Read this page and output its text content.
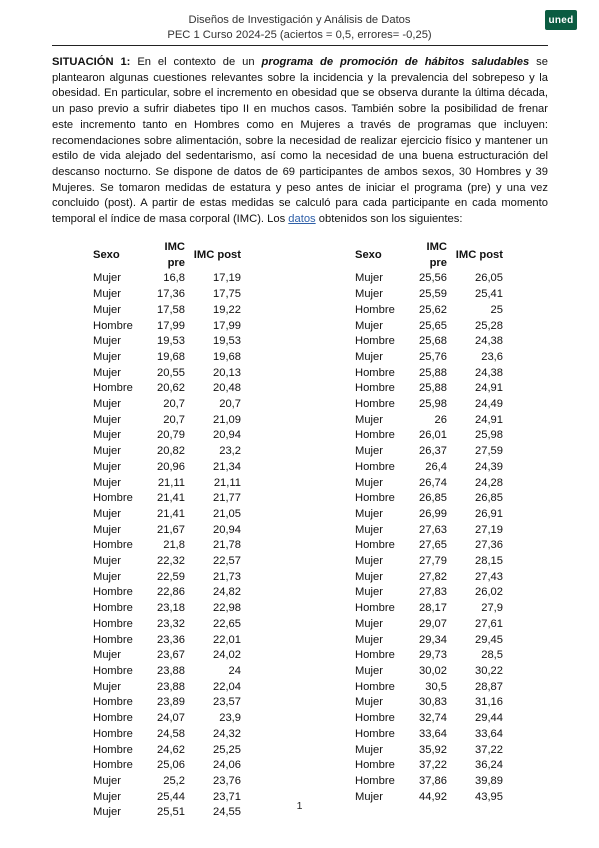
Diseños de Investigación y Análisis de Datos
PEC 1 Curso 2024-25 (aciertos = 0,5, errores= -0,25)
uned
SITUACIÓN 1: En el contexto de un programa de promoción de hábitos saludables se plantearon algunas cuestiones relevantes sobre la incidencia y la prevalencia del sobrepeso y la obesidad. En particular, sobre el incremento en obesidad que se observa durante la última década, un paso previo a sufrir diabetes tipo II en muchos casos. También sobre la posibilidad de frenar este incremento tanto en Hombres como en Mujeres a través de programas que incluyen: recomendaciones sobre alimentación, sobre la necesidad de realizar ejercicio físico y mantener un estilo de vida alejado del sedentarismo, así como la necesidad de una buena estructuración del descanso nocturno. Se dispone de datos de 69 participantes de ambos sexos, 30 Hombres y 39 Mujeres. Se tomaron medidas de estatura y peso antes de iniciar el programa (pre) y una vez concluido (post). A partir de estas medidas se calculó para cada participante en cada momento temporal el índice de masa corporal (IMC). Los datos obtenidos son los siguientes:
Sexo	IMC pre	IMC post
Mujer	16,8	17,19
Mujer	17,36	17,75
Mujer	17,58	19,22
Hombre	17,99	17,99
Mujer	19,53	19,53
Mujer	19,68	19,68
Mujer	20,55	20,13
Hombre	20,62	20,48
Mujer	20,7	20,7
Mujer	20,7	21,09
Mujer	20,79	20,94
Mujer	20,82	23,2
Mujer	20,96	21,34
Mujer	21,11	21,11
Hombre	21,41	21,77
Mujer	21,41	21,05
Mujer	21,67	20,94
Hombre	21,8	21,78
Mujer	22,32	22,57
Mujer	22,59	21,73
Hombre	22,86	24,82
Hombre	23,18	22,98
Hombre	23,32	22,65
Hombre	23,36	22,01
Mujer	23,67	24,02
Hombre	23,88	24
Mujer	23,88	22,04
Hombre	23,89	23,57
Hombre	24,07	23,9
Hombre	24,58	24,32
Hombre	24,62	25,25
Hombre	25,06	24,06
Mujer	25,2	23,76
Mujer	25,44	23,71
Mujer	25,51	24,55
Sexo	IMC pre	IMC post
Mujer	25,56	26,05
Mujer	25,59	25,41
Hombre	25,62	25
Mujer	25,65	25,28
Hombre	25,68	24,38
Mujer	25,76	23,6
Hombre	25,88	24,38
Hombre	25,88	24,91
Hombre	25,98	24,49
Mujer	26	24,91
Hombre	26,01	25,98
Mujer	26,37	27,59
Hombre	26,4	24,39
Mujer	26,74	24,28
Hombre	26,85	26,85
Mujer	26,99	26,91
Mujer	27,63	27,19
Hombre	27,65	27,36
Mujer	27,79	28,15
Mujer	27,82	27,43
Mujer	27,83	26,02
Hombre	28,17	27,9
Mujer	29,07	27,61
Mujer	29,34	29,45
Hombre	29,73	28,5
Mujer	30,02	30,22
Hombre	30,5	28,87
Mujer	30,83	31,16
Hombre	32,74	29,44
Hombre	33,64	33,64
Mujer	35,92	37,22
Hombre	37,22	36,24
Hombre	37,86	39,89
Mujer	44,92	43,95
1
